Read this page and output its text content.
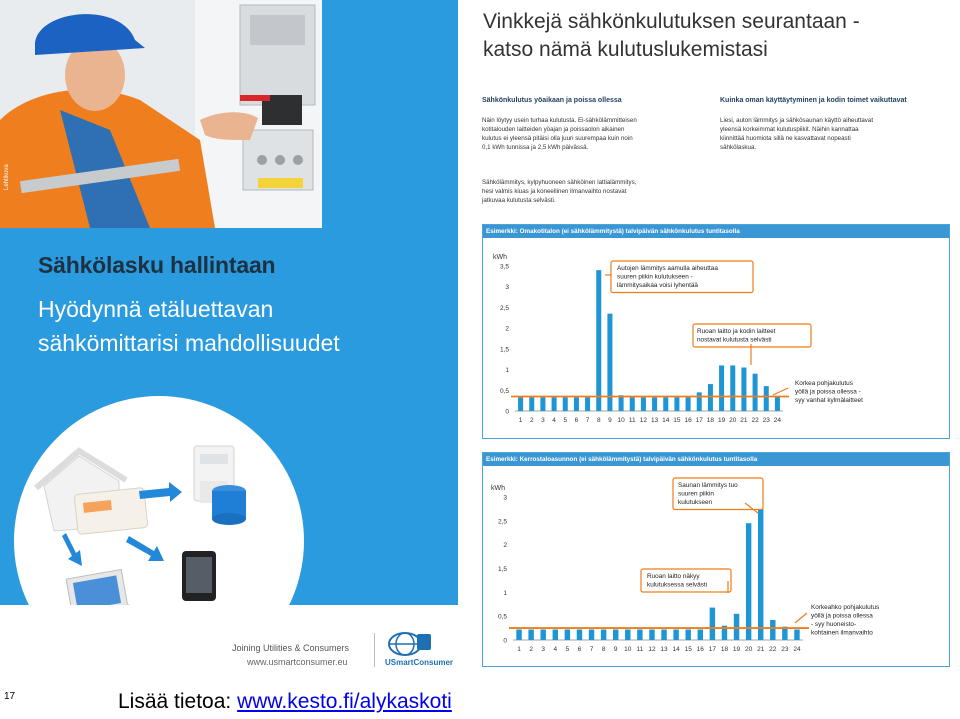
Lehtikuva
Sähkölasku hallintaan
Hyödynnä etäluettavan
sähkömittarisi mahdollisuudet
Joining Utilities & Consumers
www.usmartconsumer.eu	USmartConsumer
Vinkkejä sähkönkulutuksen seurantaan -
katso nämä kulutuslukemistasi
Sähkönkulutus yöaikaan ja poissa ollessa
Näin löytyy usein turhaa kulutusta. Ei-sähkölämmitteisen
kotitalouden laitteiden yöajan ja poissaolon aikainen
kulutus ei yleensä pitäisi olla juuri suurempaa kuin noin
0,1 kWh tunnissa ja 2,5 kWh päivässä.
Sähkölämmitys, kylpyhuoneen sähköinen lattialämmitys,
hesi valmis kiuas ja koneellinen ilmanvaihto nostavat
jatkuvaa kulutusta selvästi.
Kuinka oman käyttäytyminen ja kodin toimet vaikuttavat
Liesi, auton lämmitys ja sähkösaunan käyttö aiheuttavat
yleensä korkeimmat kulutuspiikit. Näihin kannattaa
kiinnittää huomiota sillä ne kasvattavat nopeasti
sähkölaskua.
Esimerkki: Omakotitalon (ei sähkölämmitystä) talvipäivän sähkönkulutus tuntitasolla
kWh
0
0,5
1
1,5
2
2,5
3
3,5
1 2 3 4 5 6 7 8 9 10 11 12 13 14 15 16 17 18 19 20 21 22 23 24
Autojen lämmitys aamulla aiheuttaa
suuren piikin kulutukseen -
lämmitysaikaa voisi lyhentää
Ruoan laitto ja kodin laitteet
nostavat kulutusta selvästi
Korkea pohjakulutus
yöllä ja poissa ollessa -
syy vanhat kylmälaitteet
Esimerkki: Kerrostaloasunnon (ei sähkölämmitystä) talvipäivän sähkönkulutus tuntitasolla
kWh
0
0,5
1
1,5
2
2,5
3
1 2 3 4 5 6 7 8 9 10 11 12 13 14 15 16 17 18 19 20 21 22 23 24
Saunan lämmitys tuo
suuren piikin
kulutukseen
Ruoan laitto näkyy
kulutuksessa selvästi
Korkeahko pohjakulutus
yöllä ja poissa ollessa
- syy huoneisto-
kohtainen ilmanvaihto
17	Lisää tietoa: www.kesto.fi/alykaskoti
